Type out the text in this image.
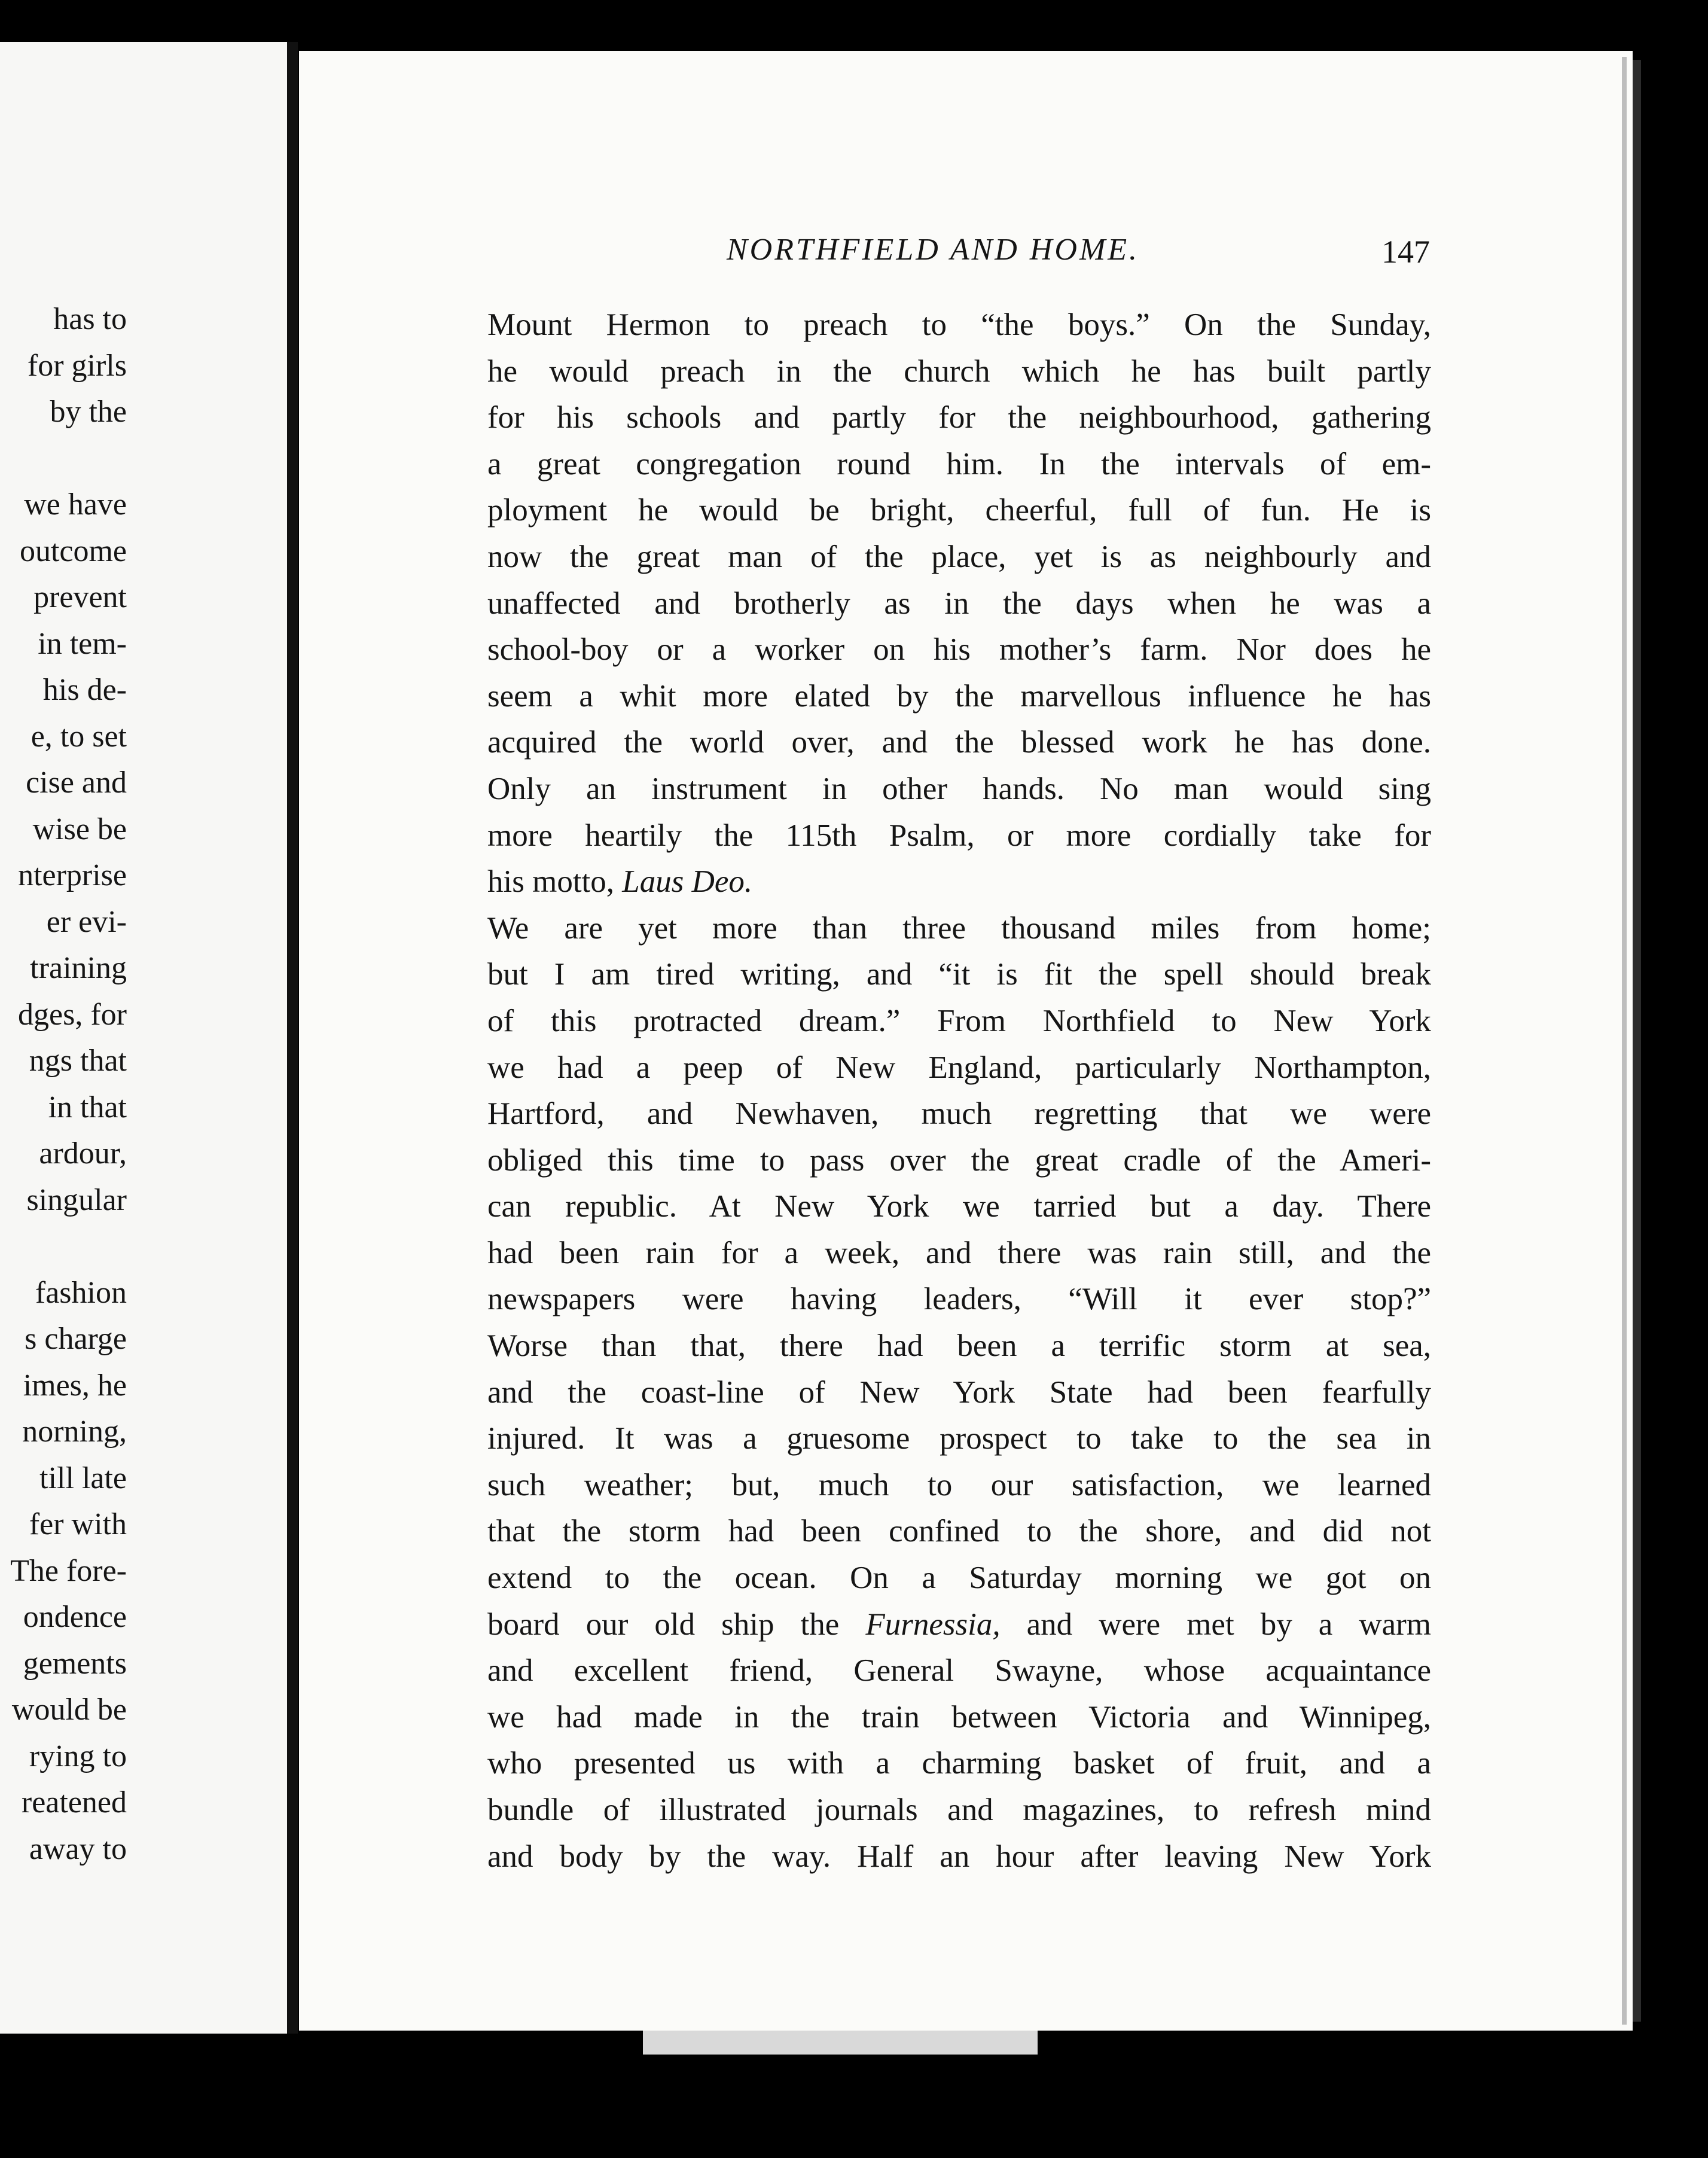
has to
for girls
by the
we have
outcome
prevent
in tem-
his de-
e, to set
cise and
wise be
nterprise
er evi-
training
dges, for
ngs that
in that
ardour,
singular
fashion
s charge
imes, he
norning,
till late
fer with
The fore-
ondence
gements
would be
rying to
reatened
away to
NORTHFIELD AND HOME.	147
Mount Hermon to preach to “the boys.” On the Sunday,
he would preach in the church which he has built partly
for his schools and partly for the neighbourhood, gathering
a great congregation round him. In the intervals of em-
ployment he would be bright, cheerful, full of fun. He is
now the great man of the place, yet is as neighbourly and
unaffected and brotherly as in the days when he was a
school-boy or a worker on his mother’s farm. Nor does he
seem a whit more elated by the marvellous influence he has
acquired the world over, and the blessed work he has done.
Only an instrument in other hands. No man would sing
more heartily the 115th Psalm, or more cordially take for
his motto, Laus Deo.
We are yet more than three thousand miles from home;
but I am tired writing, and “it is fit the spell should break
of this protracted dream.” From Northfield to New York
we had a peep of New England, particularly Northampton,
Hartford, and Newhaven, much regretting that we were
obliged this time to pass over the great cradle of the Ameri-
can republic. At New York we tarried but a day. There
had been rain for a week, and there was rain still, and the
newspapers were having leaders, “Will it ever stop?”
Worse than that, there had been a terrific storm at sea,
and the coast-line of New York State had been fearfully
injured. It was a gruesome prospect to take to the sea in
such weather; but, much to our satisfaction, we learned
that the storm had been confined to the shore, and did not
extend to the ocean. On a Saturday morning we got on
board our old ship the Furnessia, and were met by a warm
and excellent friend, General Swayne, whose acquaintance
we had made in the train between Victoria and Winnipeg,
who presented us with a charming basket of fruit, and a
bundle of illustrated journals and magazines, to refresh mind
and body by the way. Half an hour after leaving New York
